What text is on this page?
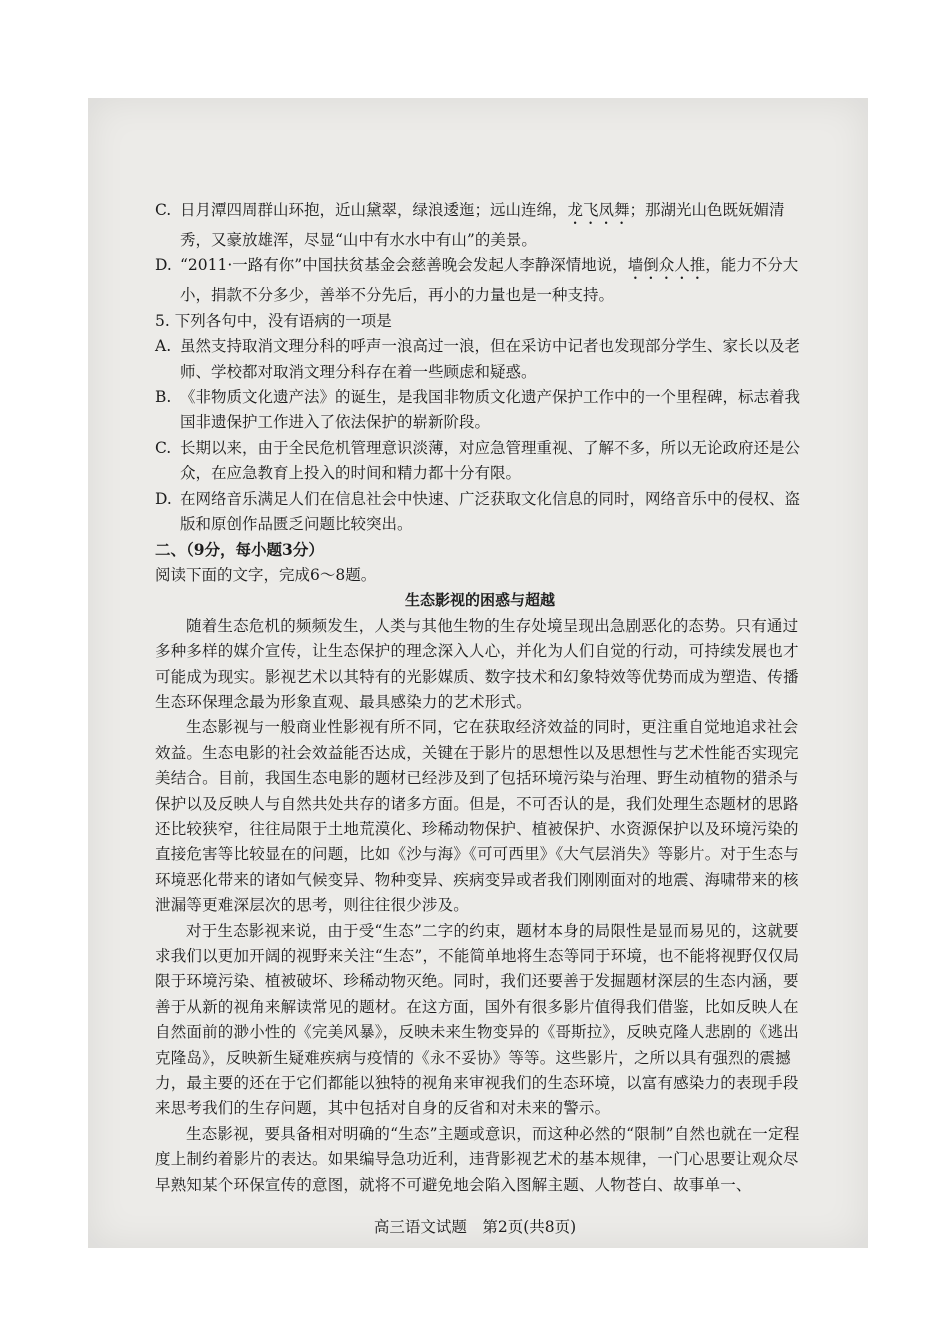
C. 日月潭四周群山环抱，近山黛翠，绿浪逶迤；远山连绵，龙飞凤舞；那湖光山色既妩媚清秀，又豪放雄浑，尽显“山中有水水中有山”的美景。

D. “2011·一路有你”中国扶贫基金会慈善晚会发起人李静深情地说，墙倒众人推，能力不分大小，捐款不分多少，善举不分先后，再小的力量也是一种支持。

5. 下列各句中，没有语病的一项是

A. 虽然支持取消文理分科的呼声一浪高过一浪，但在采访中记者也发现部分学生、家长以及老师、学校都对取消文理分科存在着一些顾虑和疑惑。

B. 《非物质文化遗产法》的诞生，是我国非物质文化遗产保护工作中的一个里程碑，标志着我国非遗保护工作进入了依法保护的崭新阶段。

C. 长期以来，由于全民危机管理意识淡薄，对应急管理重视、了解不多，所以无论政府还是公众，在应急教育上投入的时间和精力都十分有限。

D. 在网络音乐满足人们在信息社会中快速、广泛获取文化信息的同时，网络音乐中的侵权、盗版和原创作品匮乏问题比较突出。

二、（9分，每小题3分）

阅读下面的文字，完成6～8题。

生态影视的困惑与超越

随着生态危机的频频发生，人类与其他生物的生存处境呈现出急剧恶化的态势。只有通过多种多样的媒介宣传，让生态保护的理念深入人心，并化为人们自觉的行动，可持续发展也才可能成为现实。影视艺术以其特有的光影媒质、数字技术和幻象特效等优势而成为塑造、传播生态环保理念最为形象直观、最具感染力的艺术形式。

生态影视与一般商业性影视有所不同，它在获取经济效益的同时，更注重自觉地追求社会效益。生态电影的社会效益能否达成，关键在于影片的思想性以及思想性与艺术性能否实现完美结合。目前，我国生态电影的题材已经涉及到了包括环境污染与治理、野生动植物的猎杀与保护以及反映人与自然共处共存的诸多方面。但是，不可否认的是，我们处理生态题材的思路还比较狭窄，往往局限于土地荒漠化、珍稀动物保护、植被保护、水资源保护以及环境污染的直接危害等比较显在的问题，比如《沙与海》《可可西里》《大气层消失》等影片。对于生态与环境恶化带来的诸如气候变异、物种变异、疾病变异或者我们刚刚面对的地震、海啸带来的核泄漏等更难深层次的思考，则往往很少涉及。

对于生态影视来说，由于受“生态”二字的约束，题材本身的局限性是显而易见的，这就要求我们以更加开阔的视野来关注“生态”，不能简单地将生态等同于环境，也不能将视野仅仅局限于环境污染、植被破坏、珍稀动物灭绝。同时，我们还要善于发掘题材深层的生态内涵，要善于从新的视角来解读常见的题材。在这方面，国外有很多影片值得我们借鉴，比如反映人在自然面前的渺小性的《完美风暴》，反映未来生物变异的《哥斯拉》，反映克隆人悲剧的《逃出克隆岛》，反映新生疑难疾病与疫情的《永不妥协》等等。这些影片，之所以具有强烈的震撼力，最主要的还在于它们都能以独特的视角来审视我们的生态环境，以富有感染力的表现手段来思考我们的生存问题，其中包括对自身的反省和对未来的警示。

生态影视，要具备相对明确的“生态”主题或意识，而这种必然的“限制”自然也就在一定程度上制约着影片的表达。如果编导急功近利，违背影视艺术的基本规律，一门心思要让观众尽早熟知某个环保宣传的意图，就将不可避免地会陷入图解主题、人物苍白、故事单一、

高三语文试题　第2页(共8页)
